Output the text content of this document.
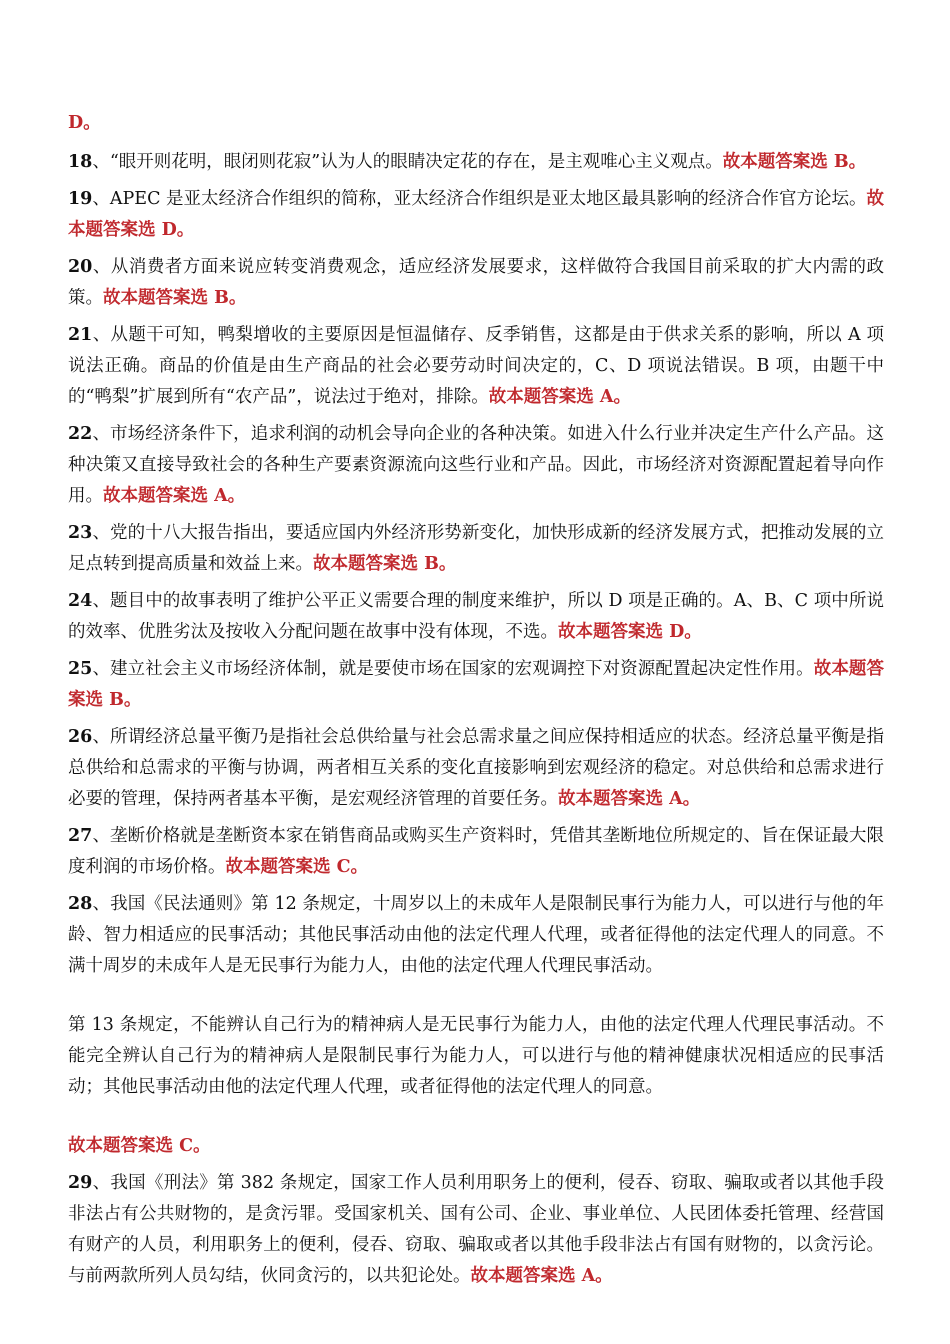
D。

18、“眼开则花明，眼闭则花寂”认为人的眼睛决定花的存在，是主观唯心主义观点。故本题答案选 B。

19、APEC 是亚太经济合作组织的简称，亚太经济合作组织是亚太地区最具影响的经济合作官方论坛。故本题答案选 D。

20、从消费者方面来说应转变消费观念，适应经济发展要求，这样做符合我国目前采取的扩大内需的政策。故本题答案选 B。

21、从题干可知，鸭梨增收的主要原因是恒温储存、反季销售，这都是由于供求关系的影响，所以 A 项说法正确。商品的价值是由生产商品的社会必要劳动时间决定的，C、D 项说法错误。B 项，由题干中的“鸭梨”扩展到所有“农产品”，说法过于绝对，排除。故本题答案选 A。

22、市场经济条件下，追求利润的动机会导向企业的各种决策。如进入什么行业并决定生产什么产品。这种决策又直接导致社会的各种生产要素资源流向这些行业和产品。因此，市场经济对资源配置起着导向作用。故本题答案选 A。

23、党的十八大报告指出，要适应国内外经济形势新变化，加快形成新的经济发展方式，把推动发展的立足点转到提高质量和效益上来。故本题答案选 B。

24、题目中的故事表明了维护公平正义需要合理的制度来维护，所以 D 项是正确的。A、B、C 项中所说的效率、优胜劣汰及按收入分配问题在故事中没有体现，不选。故本题答案选 D。

25、建立社会主义市场经济体制，就是要使市场在国家的宏观调控下对资源配置起决定性作用。故本题答案选 B。

26、所谓经济总量平衡乃是指社会总供给量与社会总需求量之间应保持相适应的状态。经济总量平衡是指总供给和总需求的平衡与协调，两者相互关系的变化直接影响到宏观经济的稳定。对总供给和总需求进行必要的管理，保持两者基本平衡，是宏观经济管理的首要任务。故本题答案选 A。

27、垄断价格就是垄断资本家在销售商品或购买生产资料时，凭借其垄断地位所规定的、旨在保证最大限度利润的市场价格。故本题答案选 C。

28、我国《民法通则》第 12 条规定，十周岁以上的未成年人是限制民事行为能力人，可以进行与他的年龄、智力相适应的民事活动；其他民事活动由他的法定代理人代理，或者征得他的法定代理人的同意。不满十周岁的未成年人是无民事行为能力人，由他的法定代理人代理民事活动。

第 13 条规定，不能辨认自己行为的精神病人是无民事行为能力人，由他的法定代理人代理民事活动。不能完全辨认自己行为的精神病人是限制民事行为能力人，可以进行与他的精神健康状况相适应的民事活动；其他民事活动由他的法定代理人代理，或者征得他的法定代理人的同意。

故本题答案选 C。

29、我国《刑法》第 382 条规定，国家工作人员利用职务上的便利，侵吞、窃取、骗取或者以其他手段非法占有公共财物的，是贪污罪。受国家机关、国有公司、企业、事业单位、人民团体委托管理、经营国有财产的人员，利用职务上的便利，侵吞、窃取、骗取或者以其他手段非法占有国有财物的，以贪污论。与前两款所列人员勾结，伙同贪污的，以共犯论处。故本题答案选 A。
